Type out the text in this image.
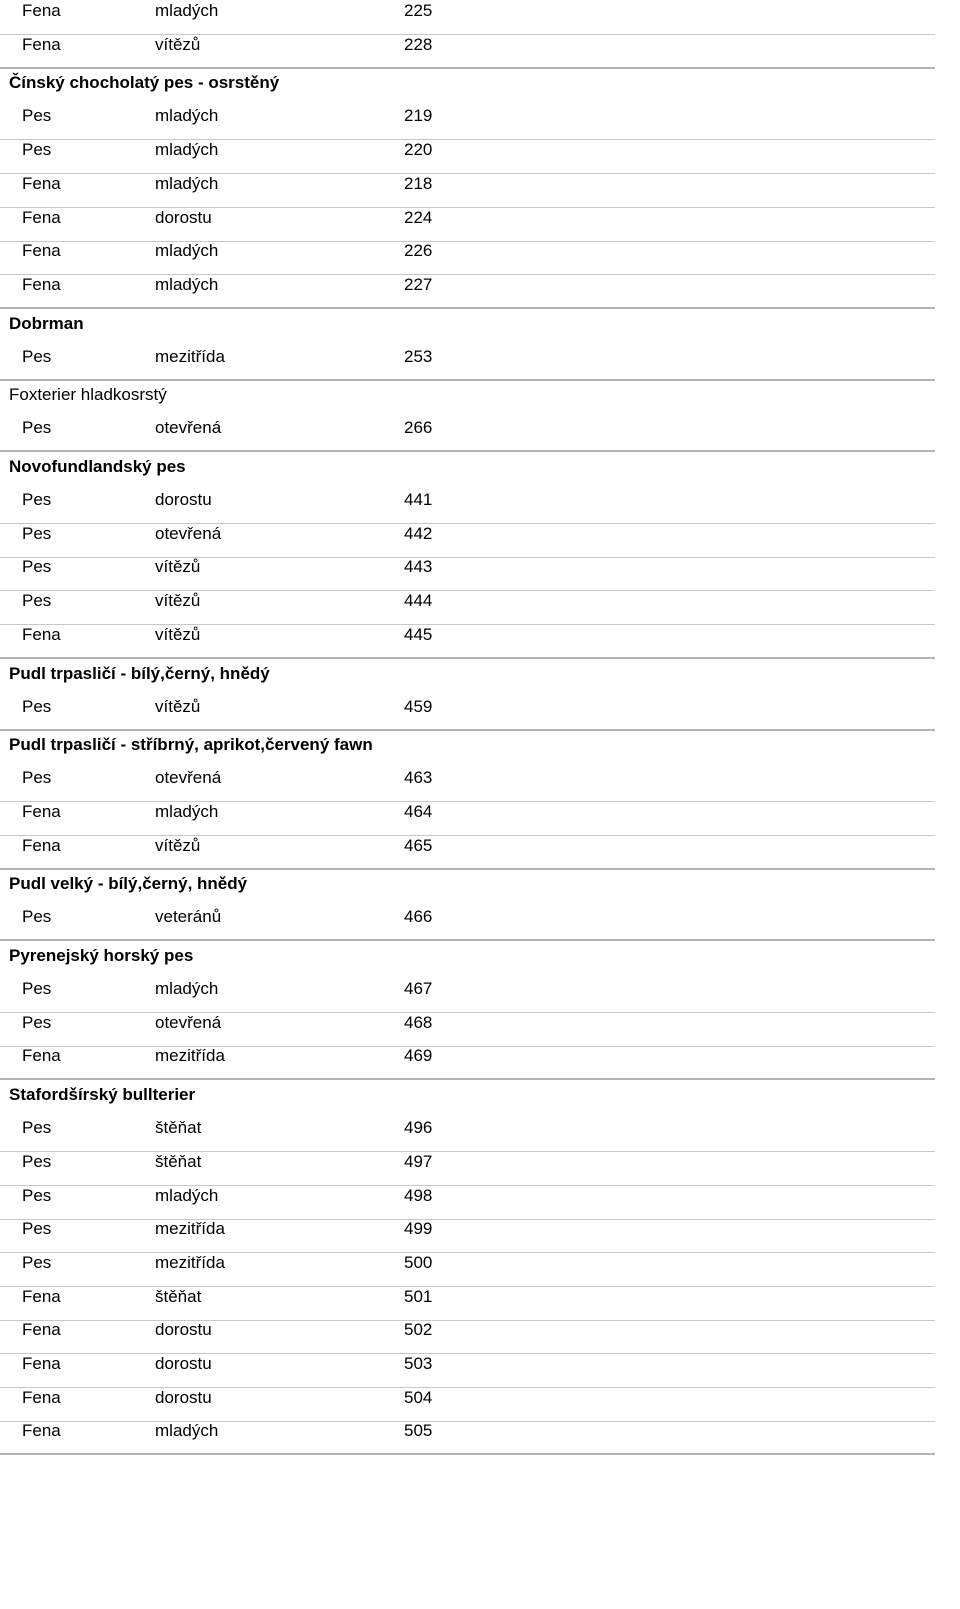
Fena	mladých	225
Fena	vítězů	228
Čínský chocholatý pes - osrstěný
Pes	mladých	219
Pes	mladých	220
Fena	mladých	218
Fena	dorostu	224
Fena	mladých	226
Fena	mladých	227
Dobrman
Pes	mezitřída	253
Foxterier hladkosrstý
Pes	otevřená	266
Novofundlandský pes
Pes	dorostu	441
Pes	otevřená	442
Pes	vítězů	443
Pes	vítězů	444
Fena	vítězů	445
Pudl trpasličí - bílý,černý, hnědý
Pes	vítězů	459
Pudl trpasličí - stříbrný, aprikot,červený fawn
Pes	otevřená	463
Fena	mladých	464
Fena	vítězů	465
Pudl velký - bílý,černý, hnědý
Pes	veteránů	466
Pyrenejský horský pes
Pes	mladých	467
Pes	otevřená	468
Fena	mezitřída	469
Stafordšírský bullterier
Pes	štěňat	496
Pes	štěňat	497
Pes	mladých	498
Pes	mezitřída	499
Pes	mezitřída	500
Fena	štěňat	501
Fena	dorostu	502
Fena	dorostu	503
Fena	dorostu	504
Fena	mladých	505
